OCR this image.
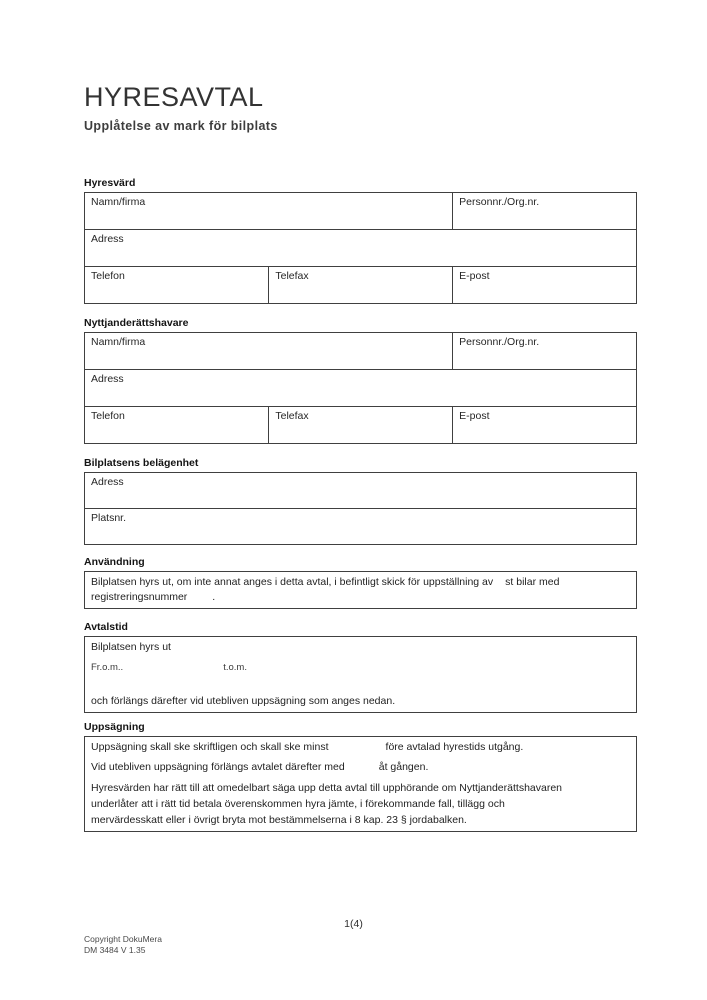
HYRESAVTAL
Upplåtelse av mark för bilplats
Hyresvärd
Namn/firma		Personnr./Org.nr.
Adress		
Telefon	Telefax	E-post
Nyttjanderättshavare
Namn/firma		Personnr./Org.nr.
Adress		
Telefon	Telefax	E-post
Bilplatsens belägenhet
Adress
Platsnr.
Användning
Bilplatsen hyrs ut, om inte annat anges i detta avtal, i befintligt skick för uppställning av st bilar med
registreringsnummer .
Avtalstid
Bilplatsen hyrs ut
Fr.o.m..	t.o.m.
och förlängs därefter vid utebliven uppsägning som anges nedan.
Uppsägning
Uppsägning skall ske skriftligen och skall ske minst	före avtalad hyrestids utgång.
Vid utebliven uppsägning förlängs avtalet därefter med	åt gången.
Hyresvärden har rätt till att omedelbart säga upp detta avtal till upphörande om Nyttjanderättshavaren
underlåter att i rätt tid betala överenskommen hyra jämte, i förekommande fall, tillägg och
mervärdesskatt eller i övrigt bryta mot bestämmelserna i 8 kap. 23 § jordabalken.
1(4)
Copyright DokuMera
DM 3484 V 1.35
